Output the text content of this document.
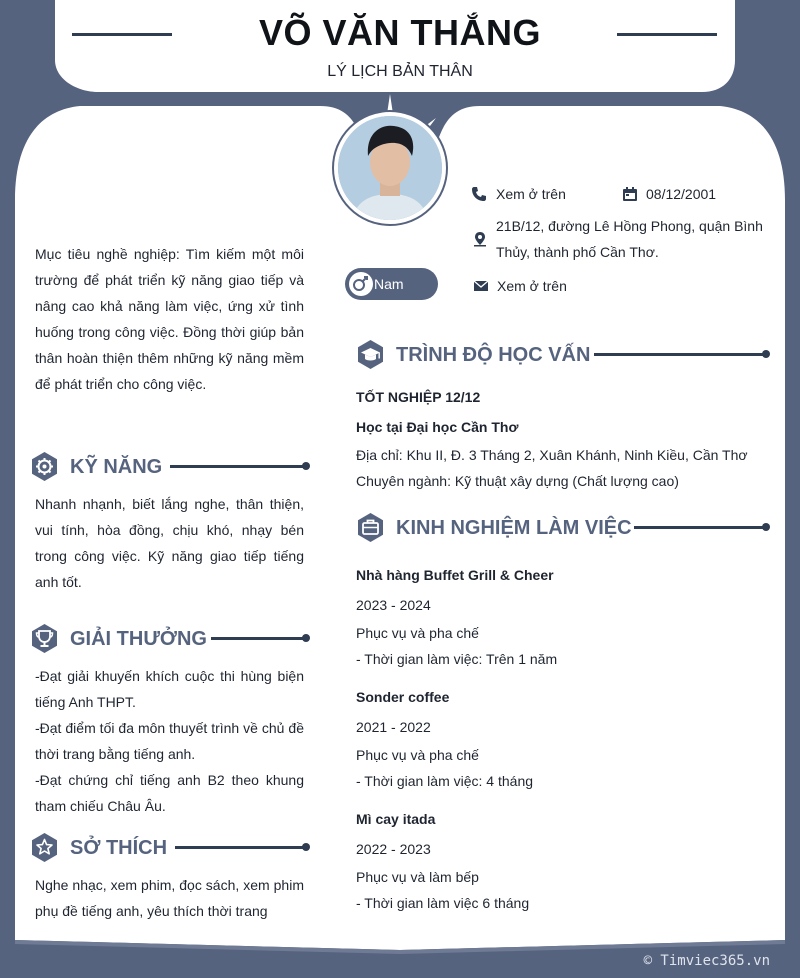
VÕ VĂN THẮNG
LÝ LỊCH BẢN THÂN
Xem ở trên	08/12/2001
21B/12, đường Lê Hồng Phong, quận Bình Thủy, thành phố Cần Thơ.
Xem ở trên
Nam
Mục tiêu nghề nghiệp: Tìm kiếm một môi trường để phát triển kỹ năng giao tiếp và nâng cao khả năng làm việc, ứng xử tình huống trong công việc. Đồng thời giúp bản thân hoàn thiện thêm những kỹ năng mềm để phát triển cho công việc.
KỸ NĂNG
Nhanh nhạnh, biết lắng nghe, thân thiện, vui tính, hòa đồng, chịu khó, nhạy bén trong công việc. Kỹ năng giao tiếp tiếng anh tốt.
GIẢI THƯỞNG

-Đạt giải khuyến khích cuộc thi hùng biện tiếng Anh THPT.

-Đạt điểm tối đa môn thuyết trình về chủ đề thời trang bằng tiếng anh.

-Đạt chứng chỉ tiếng anh B2 theo khung tham chiếu Châu Âu.

SỞ THÍCH
Nghe nhạc, xem phim, đọc sách, xem phim phụ đề tiếng anh, yêu thích thời trang
TRÌNH ĐỘ HỌC VẤN
TỐT NGHIỆP 12/12
Học tại Đại học Cần Thơ
Địa chỉ: Khu II, Đ. 3 Tháng 2, Xuân Khánh, Ninh Kiều, Cần Thơ
Chuyên ngành: Kỹ thuật xây dựng (Chất lượng cao)
KINH NGHIỆM LÀM VIỆC
Nhà hàng Buffet Grill & Cheer
2023 - 2024
Phục vụ và pha chế
- Thời gian làm việc: Trên 1 năm
Sonder coffee
2021 - 2022
Phục vụ và pha chế
- Thời gian làm việc: 4 tháng
Mì cay itada
2022 - 2023
Phục vụ và làm bếp
- Thời gian làm việc 6 tháng
© Timviec365.vn
